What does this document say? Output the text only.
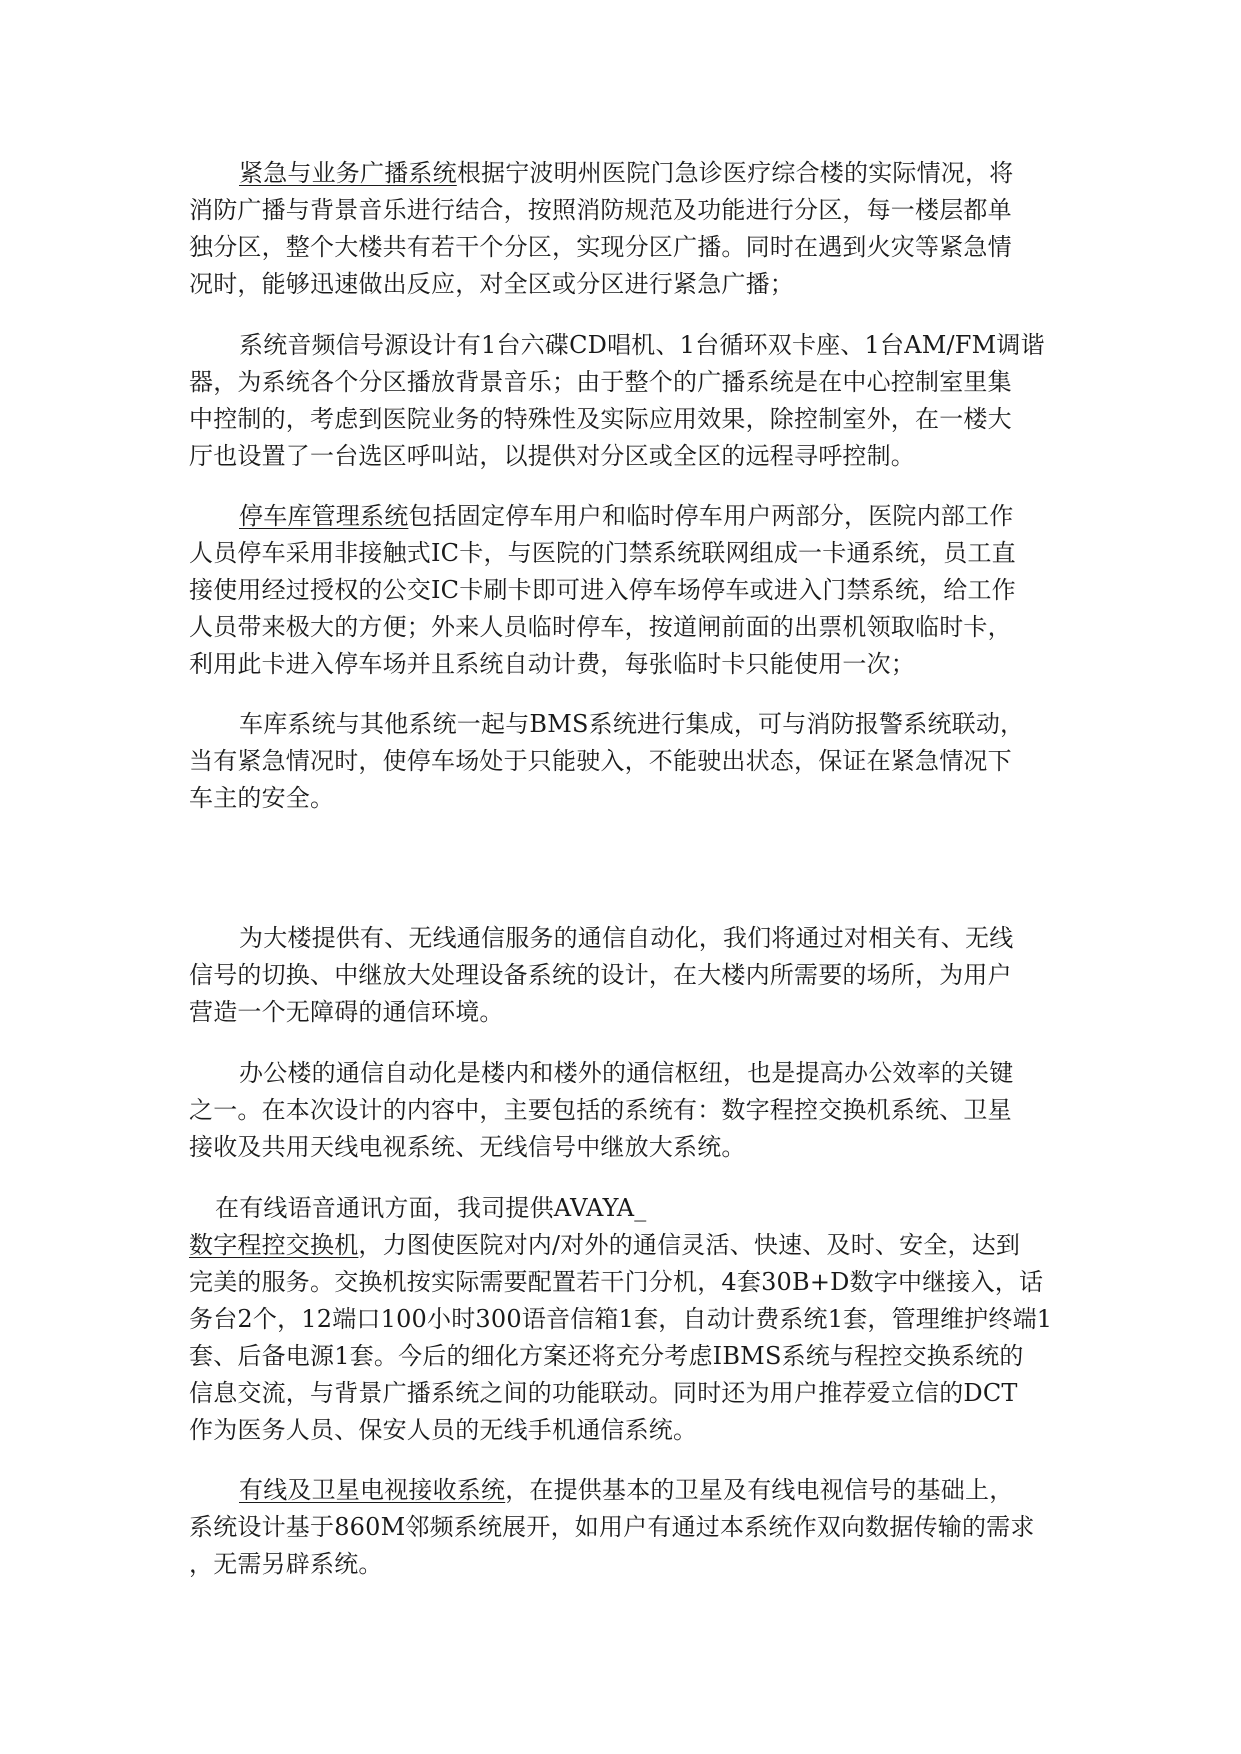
紧急与业务广播系统根据宁波明州医院门急诊医疗综合楼的实际情况，将
消防广播与背景音乐进行结合，按照消防规范及功能进行分区，每一楼层都单
独分区，整个大楼共有若干个分区，实现分区广播。同时在遇到火灾等紧急情
况时，能够迅速做出反应，对全区或分区进行紧急广播；
系统音频信号源设计有1台六碟CD唱机、1台循环双卡座、1台AM/FM调谐
器，为系统各个分区播放背景音乐；由于整个的广播系统是在中心控制室里集
中控制的，考虑到医院业务的特殊性及实际应用效果，除控制室外，在一楼大
厅也设置了一台选区呼叫站，以提供对分区或全区的远程寻呼控制。
停车库管理系统包括固定停车用户和临时停车用户两部分，医院内部工作
人员停车采用非接触式IC卡，与医院的门禁系统联网组成一卡通系统，员工直
接使用经过授权的公交IC卡刷卡即可进入停车场停车或进入门禁系统，给工作
人员带来极大的方便；外来人员临时停车，按道闸前面的出票机领取临时卡，
利用此卡进入停车场并且系统自动计费，每张临时卡只能使用一次；
车库系统与其他系统一起与BMS系统进行集成，可与消防报警系统联动，
当有紧急情况时，使停车场处于只能驶入，不能驶出状态，保证在紧急情况下
车主的安全。
为大楼提供有、无线通信服务的通信自动化，我们将通过对相关有、无线
信号的切换、中继放大处理设备系统的设计，在大楼内所需要的场所，为用户
营造一个无障碍的通信环境。
办公楼的通信自动化是楼内和楼外的通信枢纽，也是提高办公效率的关键
之一。在本次设计的内容中，主要包括的系统有：数字程控交换机系统、卫星
接收及共用天线电视系统、无线信号中继放大系统。
在有线语音通讯方面，我司提供AVAYA_
数字程控交换机，力图使医院对内/对外的通信灵活、快速、及时、安全，达到
完美的服务。交换机按实际需要配置若干门分机，4套30B+D数字中继接入，话
务台2个，12端口100小时300语音信箱1套，自动计费系统1套，管理维护终端1
套、后备电源1套。今后的细化方案还将充分考虑IBMS系统与程控交换系统的
信息交流，与背景广播系统之间的功能联动。同时还为用户推荐爱立信的DCT
作为医务人员、保安人员的无线手机通信系统。
有线及卫星电视接收系统，在提供基本的卫星及有线电视信号的基础上，
系统设计基于860M邻频系统展开，如用户有通过本系统作双向数据传输的需求
，无需另辟系统。
